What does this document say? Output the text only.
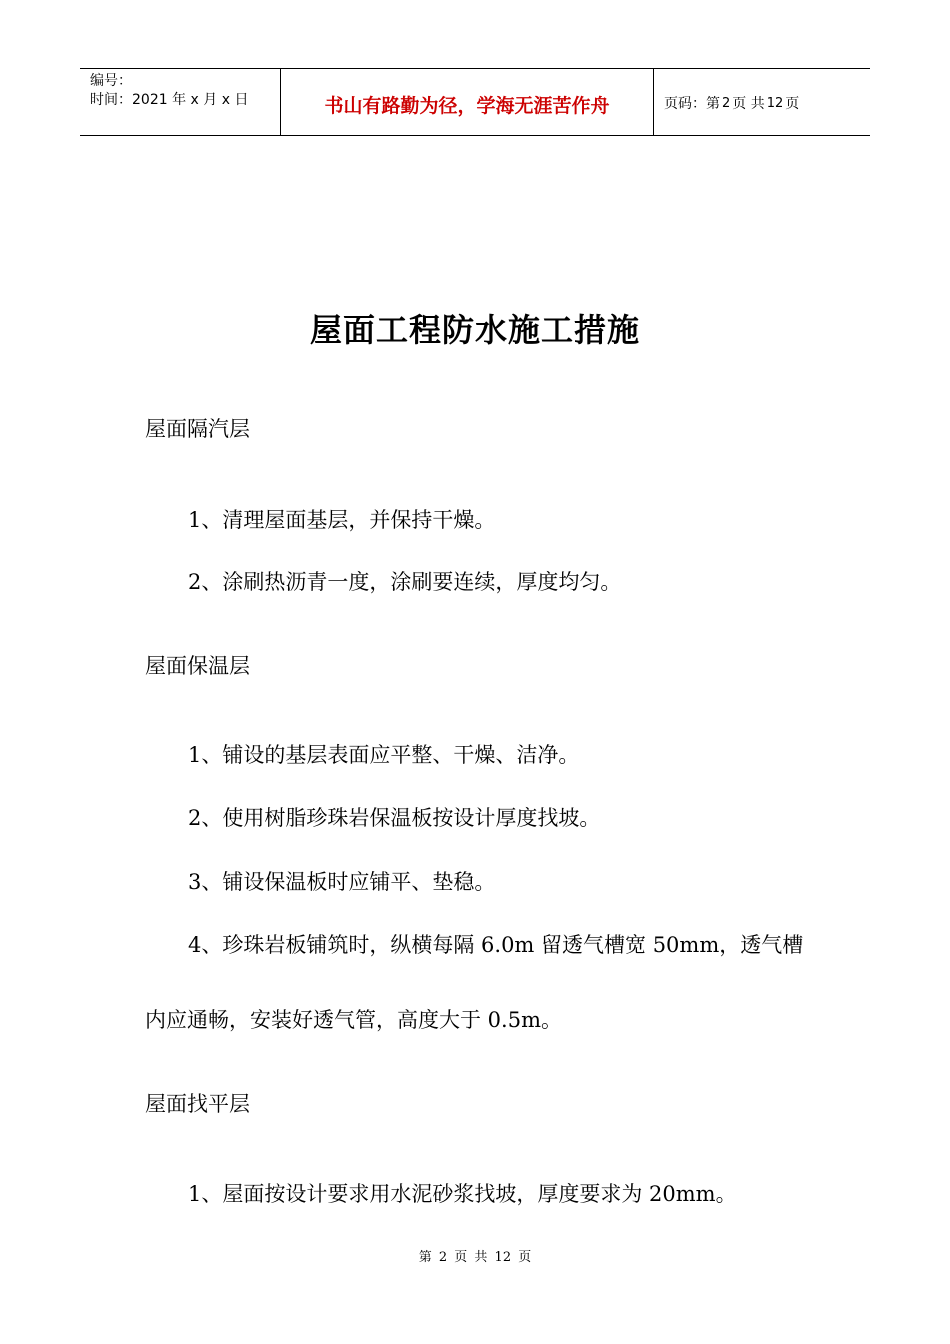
编号：
时间：2021 年 x 月 x 日	书山有路勤为径，学海无涯苦作舟	页码：第 2 页 共 12 页
屋面工程防水施工措施
屋面隔汽层
1、清理屋面基层，并保持干燥。
2、涂刷热沥青一度，涂刷要连续，厚度均匀。
屋面保温层
1、铺设的基层表面应平整、干燥、洁净。
2、使用树脂珍珠岩保温板按设计厚度找坡。
3、铺设保温板时应铺平、垫稳。
4、珍珠岩板铺筑时，纵横每隔 6.0m 留透气槽宽 50mm，透气槽
内应通畅，安装好透气管，高度大于 0.5m。
屋面找平层
1、屋面按设计要求用水泥砂浆找坡，厚度要求为 20mm。
第 2 页 共 12 页
